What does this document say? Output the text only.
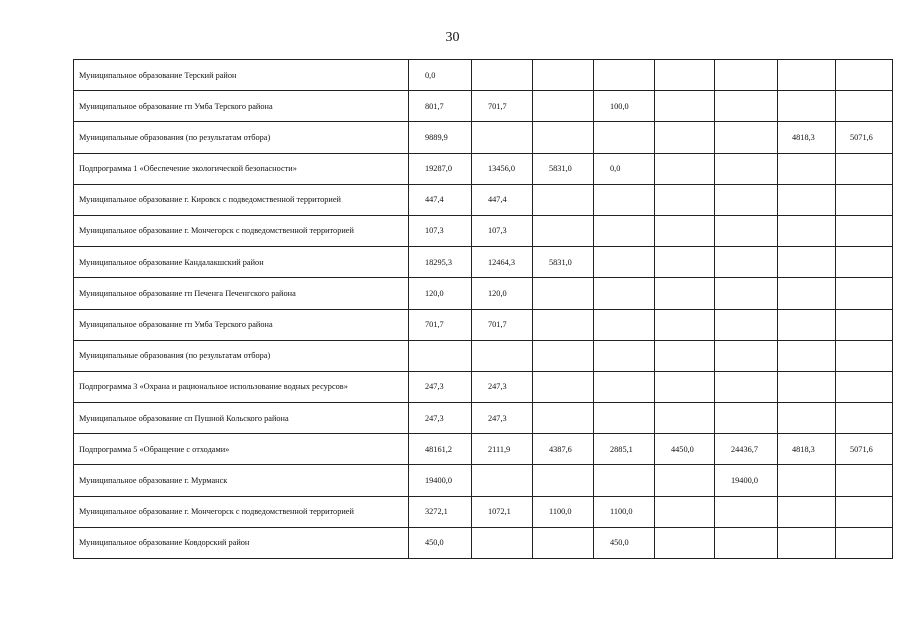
30
Муниципальное образование Терский район	0,0							
Муниципальное образование гп Умба Терского района	801,7	701,7		100,0				
Муниципальные образования (по результатам отбора)	9889,9						4818,3	5071,6
Подпрограмма 1 «Обеспечение экологической безопасности»	19287,0	13456,0	5831,0	0,0				
Муниципальное образование г. Кировск с подведомственной территорией	447,4	447,4						
Муниципальное образование г. Мончегорск с подведомственной территорией	107,3	107,3						
Муниципальное образование Кандалакшский район	18295,3	12464,3	5831,0					
Муниципальное образование гп Печенга Печенгского района	120,0	120,0						
Муниципальное образование гп Умба Терского района	701,7	701,7						
Муниципальные образования (по результатам отбора)								
Подпрограмма 3 «Охрана и рациональное использование водных ресурсов»	247,3	247,3						
Муниципальное образование сп Пушной Кольского района	247,3	247,3						
Подпрограмма 5 «Обращение с отходами»	48161,2	2111,9	4387,6	2885,1	4450,0	24436,7	4818,3	5071,6
Муниципальное образование г. Мурманск	19400,0					19400,0		
Муниципальное образование г. Мончегорск с подведомственной территорией	3272,1	1072,1	1100,0	1100,0				
Муниципальное образование Ковдорский район	450,0			450,0				
